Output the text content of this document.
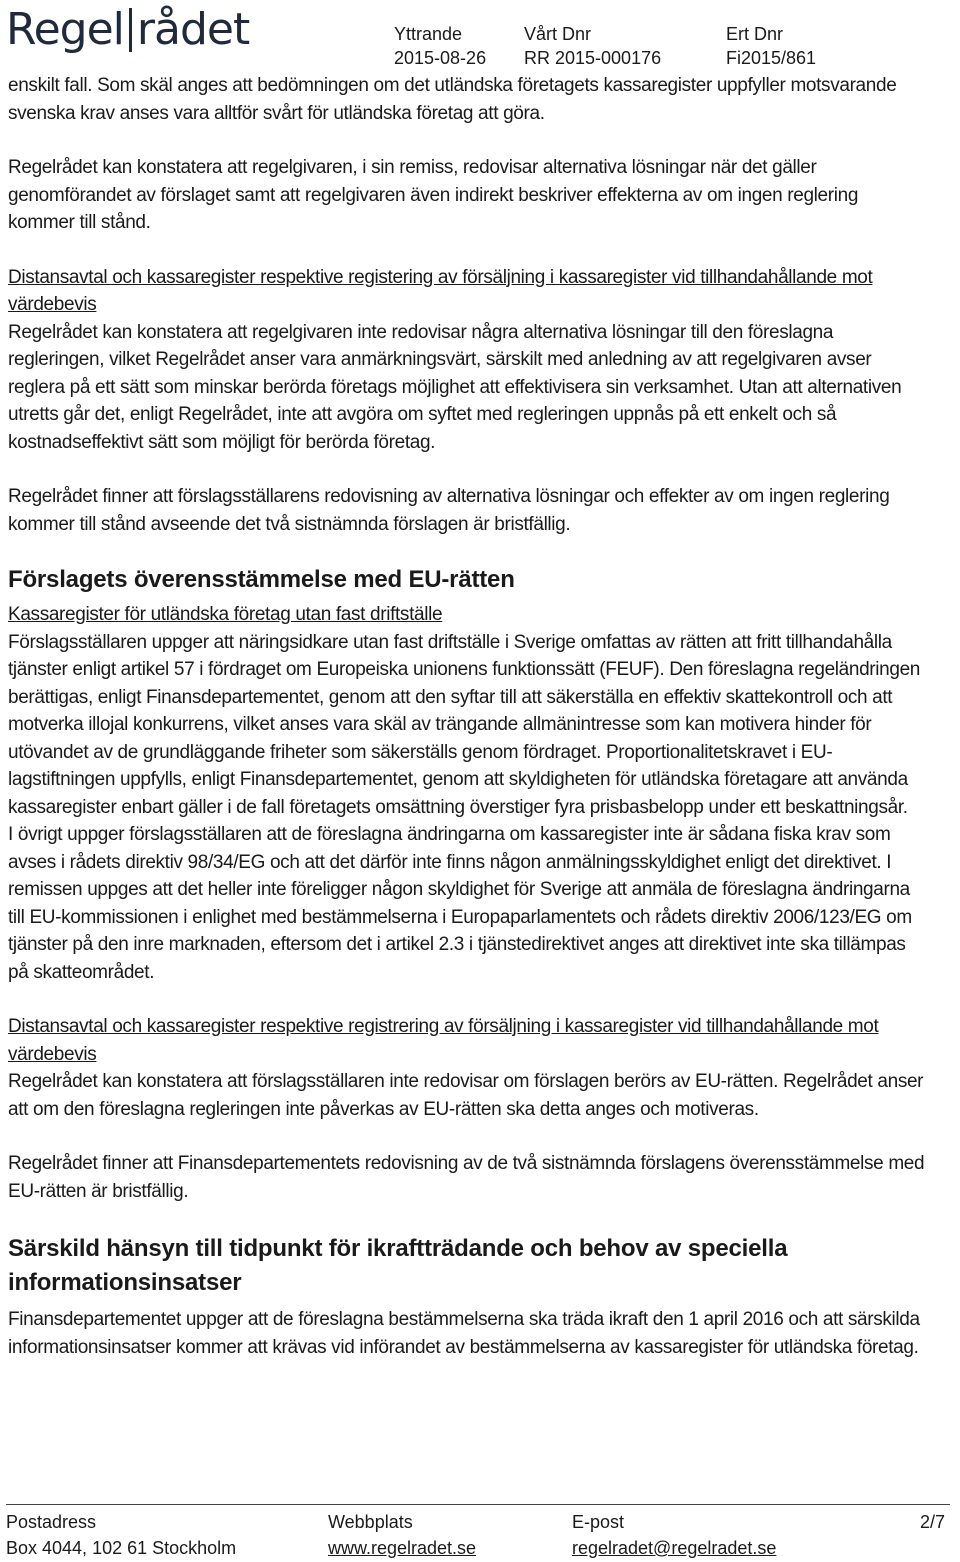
Regel rådet	Yttrande
2015-08-26
Vårt Dnr
RR 2015-000176
Ert Dnr
Fi2015/861

enskilt fall. Som skäl anges att bedömningen om det utländska företagets kassaregister uppfyller motsvarande svenska krav anses vara alltför svårt för utländska företag att göra.

Regelrådet kan konstatera att regelgivaren, i sin remiss, redovisar alternativa lösningar när det gäller genomförandet av förslaget samt att regelgivaren även indirekt beskriver effekterna av om ingen reglering kommer till stånd.

Distansavtal och kassaregister respektive registering av försäljning i kassaregister vid tillhandahållande mot värdebevis

Regelrådet kan konstatera att regelgivaren inte redovisar några alternativa lösningar till den föreslagna regleringen, vilket Regelrådet anser vara anmärkningsvärt, särskilt med anledning av att regelgivaren avser reglera på ett sätt som minskar berörda företags möjlighet att effektivisera sin verksamhet. Utan att alternativen utretts går det, enligt Regelrådet, inte att avgöra om syftet med regleringen uppnås på ett enkelt och så kostnadseffektivt sätt som möjligt för berörda företag.

Regelrådet finner att förslagsställarens redovisning av alternativa lösningar och effekter av om ingen reglering kommer till stånd avseende det två sistnämnda förslagen är bristfällig.

Förslagets överensstämmelse med EU-rätten

Kassaregister för utländska företag utan fast driftställe

Förslagsställaren uppger att näringsidkare utan fast driftställe i Sverige omfattas av rätten att fritt tillhandahålla tjänster enligt artikel 57 i fördraget om Europeiska unionens funktionssätt (FEUF). Den föreslagna regeländringen berättigas, enligt Finansdepartementet, genom att den syftar till att säkerställa en effektiv skattekontroll och att motverka illojal konkurrens, vilket anses vara skäl av trängande allmänintresse som kan motivera hinder för utövandet av de grundläggande friheter som säkerställs genom fördraget. Proportionalitetskravet i EU-lagstiftningen uppfylls, enligt Finansdepartementet, genom att skyldigheten för utländska företagare att använda kassaregister enbart gäller i de fall företagets omsättning överstiger fyra prisbasbelopp under ett beskattningsår.

I övrigt uppger förslagsställaren att de föreslagna ändringarna om kassaregister inte är sådana fiska krav som avses i rådets direktiv 98/34/EG och att det därför inte finns någon anmälningsskyldighet enligt det direktivet. I remissen uppges att det heller inte föreligger någon skyldighet för Sverige att anmäla de föreslagna ändringarna till EU-kommissionen i enlighet med bestämmelserna i Europaparlamentets och rådets direktiv 2006/123/EG om tjänster på den inre marknaden, eftersom det i artikel 2.3 i tjänstedirektivet anges att direktivet inte ska tillämpas på skatteområdet.

Distansavtal och kassaregister respektive registrering av försäljning i kassaregister vid tillhandahållande mot värdebevis

Regelrådet kan konstatera att förslagsställaren inte redovisar om förslagen berörs av EU-rätten. Regelrådet anser att om den föreslagna regleringen inte påverkas av EU-rätten ska detta anges och motiveras.

Regelrådet finner att Finansdepartementets redovisning av de två sistnämnda förslagens överensstämmelse med EU-rätten är bristfällig.

Särskild hänsyn till tidpunkt för ikraftträdande och behov av speciella informationsinsatser

Finansdepartementet uppger att de föreslagna bestämmelserna ska träda ikraft den 1 april 2016 och att särskilda informationsinsatser kommer att krävas vid införandet av bestämmelserna av kassaregister för utländska företag.

Postadress
Box 4044, 102 61 Stockholm
Webbplats
www.regelradet.se
E-post
regelradet@regelradet.se
2/7
